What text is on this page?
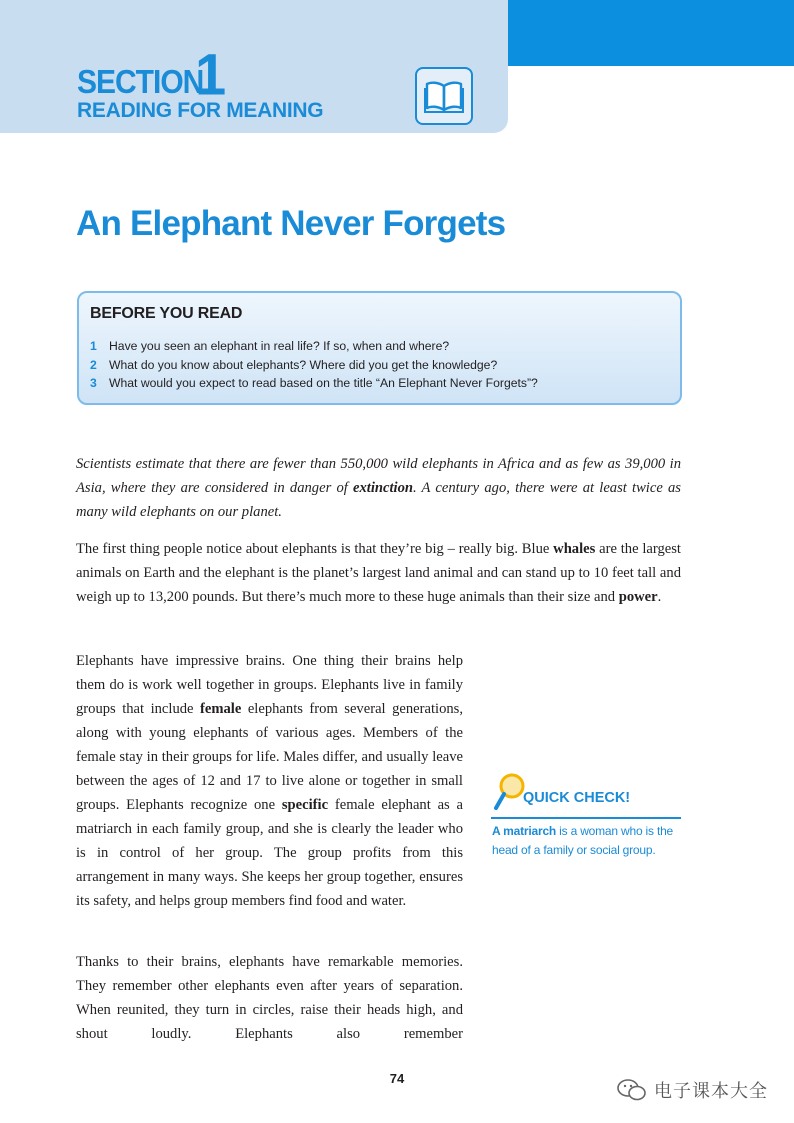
SECTION
1
READING FOR MEANING
An Elephant Never Forgets
BEFORE YOU READ
1 Have you seen an elephant in real life? If so, when and where?
2 What do you know about elephants? Where did you get the knowledge?
3 What would you expect to read based on the title “An Elephant Never Forgets”?

Scientists estimate that there are fewer than 550,000 wild elephants in Africa and as few as 39,000 in Asia, where they are considered in danger of extinction. A century ago, there were at least twice as many wild elephants on our planet.

The first thing people notice about elephants is that they’re big – really big. Blue whales are the largest animals on Earth and the elephant is the planet’s largest land animal and can stand up to 10 feet tall and weigh up to 13,200 pounds. But there’s much more to these huge animals than their size and power.

Elephants have impressive brains. One thing their brains help them do is work well together in groups. Elephants live in family groups that include female elephants from several generations, along with young elephants of various ages. Members of the female stay in their groups for life. Males differ, and usually leave between the ages of 12 and 17 to live alone or together in small groups. Elephants recognize one specific female elephant as a matriarch in each family group, and she is clearly the leader who is in control of her group. The group profits from this arrangement in many ways. She keeps her group together, ensures its safety, and helps group members find food and water.

Thanks to their brains, elephants have remarkable memories. They remember other elephants even after years of separation. When reunited, they turn in circles, raise their heads high, and shout loudly. Elephants also remember

QUICK CHECK!

A matriarch is a woman who is the head of a family or social group.

74
电子课本大全
